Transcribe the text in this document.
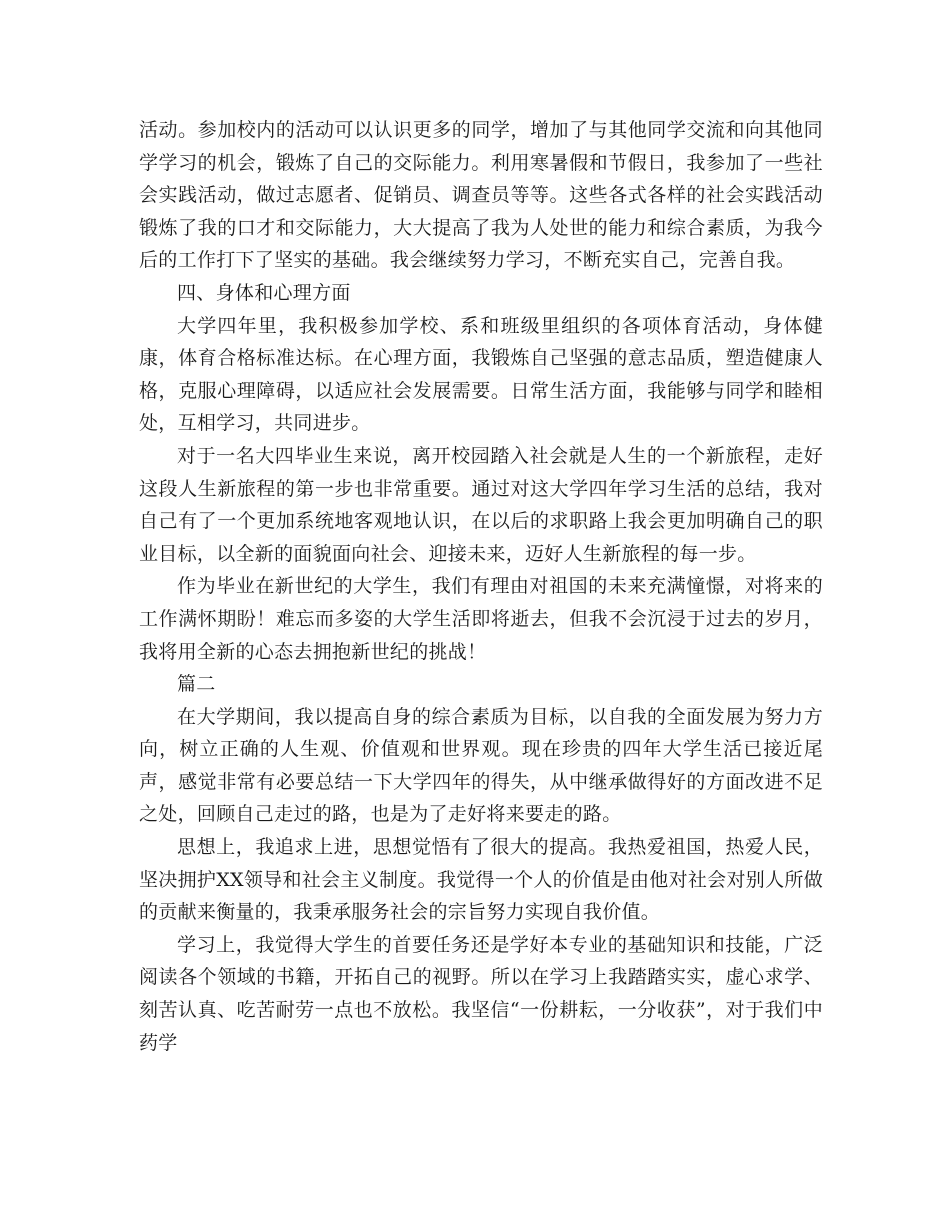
活动。参加校内的活动可以认识更多的同学，增加了与其他同学交流和向其他同学学习的机会，锻炼了自己的交际能力。利用寒暑假和节假日，我参加了一些社会实践活动，做过志愿者、促销员、调查员等等。这些各式各样的社会实践活动锻炼了我的口才和交际能力，大大提高了我为人处世的能力和综合素质，为我今后的工作打下了坚实的基础。我会继续努力学习，不断充实自己，完善自我。

四、身体和心理方面

大学四年里，我积极参加学校、系和班级里组织的各项体育活动，身体健康，体育合格标准达标。在心理方面，我锻炼自己坚强的意志品质，塑造健康人格，克服心理障碍，以适应社会发展需要。日常生活方面，我能够与同学和睦相处，互相学习，共同进步。

对于一名大四毕业生来说，离开校园踏入社会就是人生的一个新旅程，走好这段人生新旅程的第一步也非常重要。通过对这大学四年学习生活的总结，我对自己有了一个更加系统地客观地认识，在以后的求职路上我会更加明确自己的职业目标，以全新的面貌面向社会、迎接未来，迈好人生新旅程的每一步。

作为毕业在新世纪的大学生，我们有理由对祖国的未来充满憧憬，对将来的工作满怀期盼！难忘而多姿的大学生活即将逝去，但我不会沉浸于过去的岁月，我将用全新的心态去拥抱新世纪的挑战！

篇二

在大学期间，我以提高自身的综合素质为目标，以自我的全面发展为努力方向，树立正确的人生观、价值观和世界观。现在珍贵的四年大学生活已接近尾声，感觉非常有必要总结一下大学四年的得失，从中继承做得好的方面改进不足之处，回顾自己走过的路，也是为了走好将来要走的路。

思想上，我追求上进，思想觉悟有了很大的提高。我热爱祖国，热爱人民，坚决拥护XX领导和社会主义制度。我觉得一个人的价值是由他对社会对别人所做的贡献来衡量的，我秉承服务社会的宗旨努力实现自我价值。

学习上，我觉得大学生的首要任务还是学好本专业的基础知识和技能，广泛阅读各个领域的书籍，开拓自己的视野。所以在学习上我踏踏实实，虚心求学、刻苦认真、吃苦耐劳一点也不放松。我坚信“一份耕耘，一分收获”，对于我们中药学
